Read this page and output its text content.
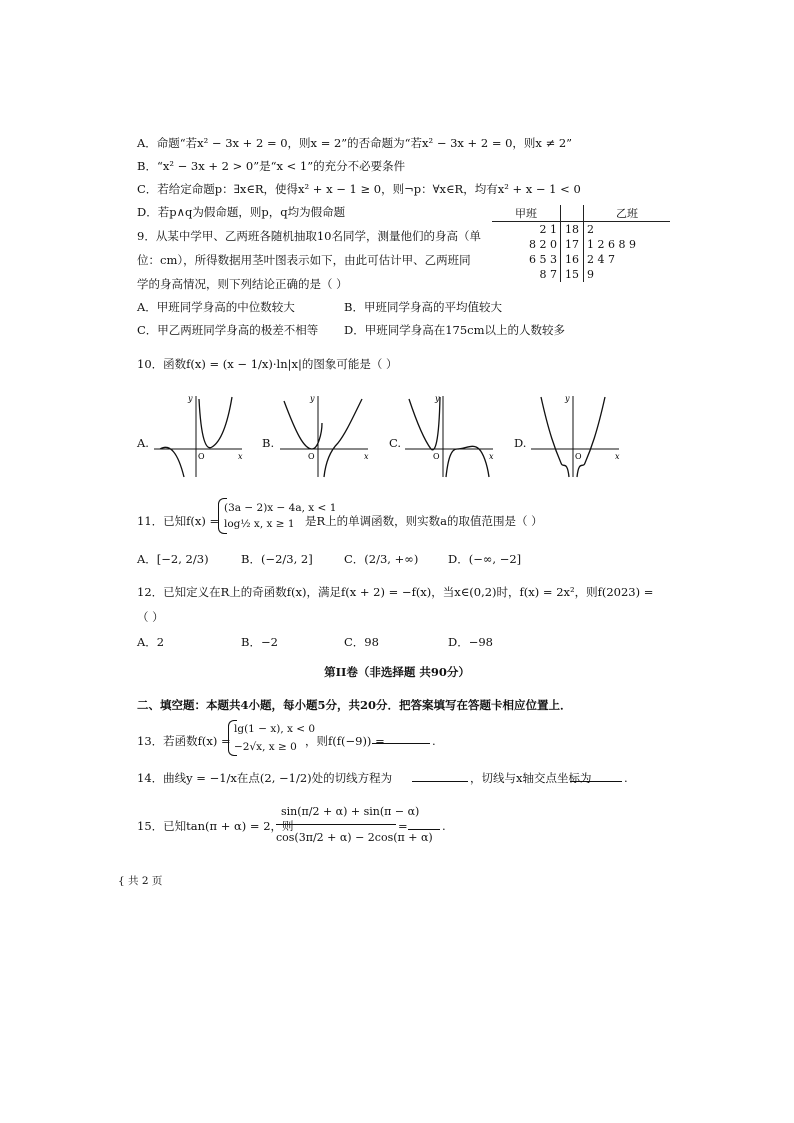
A．命题“若x² − 3x + 2 = 0，则x = 2”的否命题为“若x² − 3x + 2 = 0，则x ≠ 2”
B．“x² − 3x + 2 > 0”是“x < 1”的充分不必要条件
C．若给定命题p：∃x∈R，使得x² + x − 1 ≥ 0，则¬p：∀x∈R，均有x² + x − 1 < 0
D．若p∧q为假命题，则p，q均为假命题	甲班		乙班
2 1	18	2
8 2 0	17	1 2 6 8 9
6 5 3	16	2 4 7
8 7	15	9
9．从某中学甲、乙两班各随机抽取10名同学，测量他们的身高（单
位：cm），所得数据用茎叶图表示如下，由此可估计甲、乙两班同
学的身高情况，则下列结论正确的是（ ）
A．甲班同学身高的中位数较大	B．甲班同学身高的平均值较大
C．甲乙两班同学身高的极差不相等 D．甲班同学身高在175cm以上的人数较多
10．函数f(x) = (x − 1/x)·ln|x|的图象可能是（ ）
A.	B.	C.	D.
x
y
O	x
y
O	x
y
O	x
y
O
11．已知f(x) =
(3a − 2)x − 4a, x < 1
log½ x, x ≥ 1 是R上的单调函数，则实数a的取值范围是（ ）
A．[−2, 2/3)	B．(−2/3, 2]	C．(2/3, +∞)	D．(−∞, −2]
12．已知定义在R上的奇函数f(x)，满足f(x + 2) = −f(x)，当x∈(0,2)时，f(x) = 2x²，则f(2023) =
（ ）
A．2	B．−2	C．98	D．−98
第II卷（非选择题 共90分）
二、填空题：本题共4小题，每小题5分，共20分．把答案填写在答题卡相应位置上．
13．若函数f(x) =
lg(1 − x), x < 0
−2√x, x ≥ 0 ，则f(f(−9)) =	.
14．曲线y = −1/x在点(2, −1/2)处的切线方程为	，切线与x轴交点坐标为	.
15．已知tan(π + α) = 2，则
sin(π/2 + α) + sin(π − α)
cos(3π/2 + α) − 2cos(π + α)
=	.
{ 共 2 页
